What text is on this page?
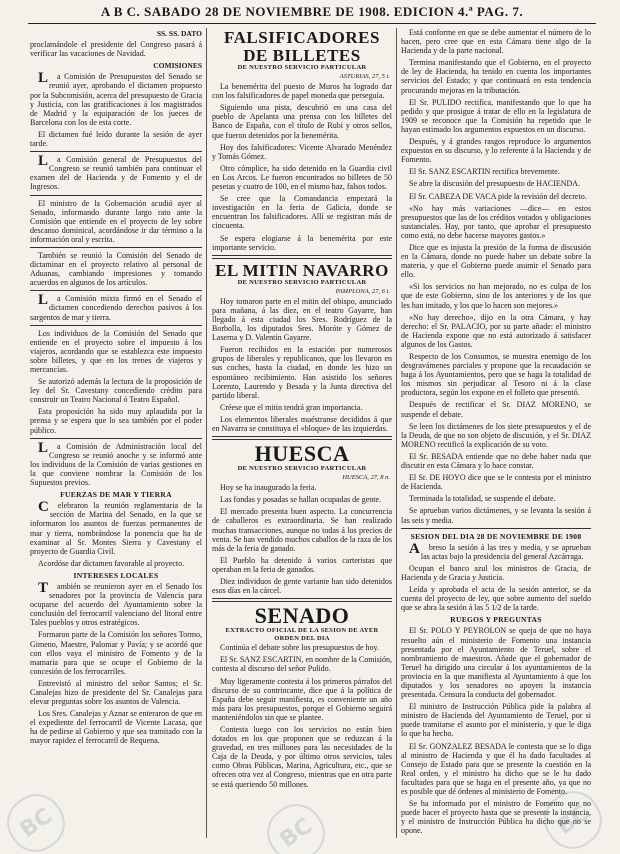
A B C. SABADO 28 DE NOVIEMBRE DE 1908. EDICION 4.ª PAG. 7.
SS. SS. DATO

proclamándole el presidente del Congreso pasará á verificar las vacaciones de Navidad.

COMISIONES

La Comisión de Presupuestos del Senado se reunió ayer, aprobando el dictamen propuesto por la Subcomisión, acerca del presupuesto de Gracia y Justicia, con las gratificaciones á los magistrados de Madrid y la equiparación de los jueces de Barcelona con los de esta corte.

El dictamen fué leído durante la sesión de ayer tarde.

La Comisión general de Presupuestos del Congreso se reunió también para continuar el examen del de Hacienda y de Fomento y el de Ingresos.

El ministro de la Gobernación acudió ayer al Senado, informando durante largo rato ante la Comisión que entiende en el proyecto de ley sobre descanso dominical, acordándose ir dar término a la información oral y escrita.

También se reunió la Comisión del Senado de dictaminar en el proyecto relativo al personal de Aduanas, cambiando impresiones y tomando acuerdos en algunos de los artículos.

La Comisión mixta firmó en el Senado el dictamen concediendo derechos pasivos á los sargentos de mar y tierra.

Los individuos de la Comisión del Senado que entiende en el proyecto sobre el impuesto á los viajeros, acordando que se establezca este impuesto sobre billetes, y que en los trenes de viajeros y mercancías.

Se autorizó además la lectura de la proposición de ley del Sr. Cavestany concediendo crédito para construir un Teatro Nacional ó Teatro Español.

Esta proposición ha sido muy aplaudida por la prensa y se espera que lo sea también por el poder público.

La Comisión de Administración local del Congreso se reunió anoche y se informó ante los individuos de la Comisión de varias gestiones en la que conviene nombrar la Comisión de los Supuestos previos.

FUERZAS DE MAR Y TIERRA

Celebraron la reunión reglamentaria de la sección de Marina del Senado, en la que se informaron los asuntos de fuerzas permanentes de mar y tierra, nombrándose la ponencia que ha de examinar al Sr. Montes Sierra y Cavestany el proyecto de Guardia Civil.

Acordóse dar dictamen favorable al proyecto.

INTERESES LOCALES

También se reunieron ayer en el Senado los senadores por la provincia de Valencia para ocuparse del acuerdo del Ayuntamiento sobre la conclusión del ferrocarril valenciano del litoral entre Tales pueblos y otros estratégicos.

Formaron parte de la Comisión los señores Tormo, Gimeno, Maestre, Palomar y Pavía; y se acordó que con ellos vaya el ministro de Fomento y de la mamaria para que se ocupe el Gobierno de la concesión de los ferrocarriles.

Entrevistó al ministro del señor Santos; el Sr. Canalejas hizo de presidente del Sr. Canalejas para elevar preguntas sobre los asuntos de Valencia.

Los Sres. Canalejas y Aznar se enteraron de que en el expediente del ferrocarril de Vicente Lacasa, que ha de pedirse al Gobierno y que sea tramitado con la mayor rapidez el ferrocarril de Requena.

FALSIFICADORES
DE BILLETES
DE NUESTRO SERVICIO PARTICULAR
ASTURIAS, 27, 5 t.

La benemérita del puesto de Muros ha logrado dar con los falsificadores de papel moneda que perseguía.

Siguiendo una pista, descubrió en una casa del pueblo de Apelanta una prensa con los billetes del Banco de España, con el título de Rubi y otros sellos, que fueron detenidos por la benemérita.

Hoy dos falsificadores: Vicente Alvarado Menéndez y Tomás Gómez.

Otro cómplice, ha sido detenido en la Guardia civil en Los Arcos. Le fueron encontrados no billetes de 50 pesetas y cuatro de 100, en el mismo haz, falsos todos.

Se cree que la Comandancia empezará la investigación en la feria de Galicia, donde se encuentran los falsificadores. Allí se registran más de cincuenta.

Se espera elogiarse á la benemérita por este importante servicio.

EL MITIN NAVARRO
DE NUESTRO SERVICIO PARTICULAR
PAMPLONA, 27, 6 t.

Hoy tomaron parte en el mitin del obispo, anunciado para mañana, á las diez, en el teatro Gayarre, han llegado á esta ciudad los Sres. Rodríguez de la Borbolla, los diputados Sres. Moróte y Gómez de Laserna y D. Valentín Gayarre.

Fueron recibidos en la estación por numerosos grupos de liberales y republicanos, que los llevaron en sus coches, hasta la ciudad, en donde les hizo un espontáneo recibimiento. Han asistido los señores Lorenzo, Laurendo y Besada y la Junta directiva del partido liberal.

Créese que el mitin tendrá gran importancia.

Los elementos liberales muéstranse decididos á que en Navarra se constituya el «bloque» de las izquierdas.

HUESCA
DE NUESTRO SERVICIO PARTICULAR
HUESCA, 27, 8 n.

Hoy se ha inaugurado la feria.

Las fondas y posadas se hallan ocupadas de gente.

El mercado presenta buen aspecto. La concurrencia de caballeros es extraordinaria. Se han realizado muchas transacciones, aunque no todas á los precios de venta. Se han vendido muchos caballos de la raza de los más de la feria de ganado.

El Pueblo ha detenido á varios carteristas que operaban en la feria de ganados.

Diez individuos de gente variante han sido detenidos esos días en la cárcel.

SENADO
EXTRACTO OFICIAL DE LA SESION DE AYER
ORDEN DEL DIA

Continúa el debate sobre los presupuestos de hoy.

El Sr. SANZ ESCARTIN, en nombre de la Comisión, contesta al discurso del señor Pulido.

Muy ligeramente contesta á los primeros párrafos del discurso de su contrincante, dice que á la política de España debe seguir manifiesta, es conveniente un año más para los presupuestos, porque el Gobierno seguirá manteniéndolos sin que se plantee.

Contesta luego con los servicios no están bien dotados en los que proponen que se reduzcan á la gravedad, en tres millones para las necesidades de la Caja de la Deuda, y por último otros servicios, tales como Obras Públicas, Marina, Agricultura, etc., que se ofrecen otra vez al Congreso, mientras que en otra parte se está queriendo 50 millones.

Está conforme en que se debe aumentar el número de lo hacen, pero cree que en esta Cámara tiene algo de la Hacienda y de la parte nacional.

Termina manifestando que el Gobierno, en el proyecto de ley de Hacienda, ha tenido en cuenta los importantes servicios del Estado; y que continuará en esta tendencia procurando mejoras en la tributación.

El Sr. PULIDO rectifica, manifestando que lo que ha pedido y que prosigue á tratar de ello en la legislatura de 1909 se reconoce que la Comisión ha repetido que le hayan estimado los argumentos expuestos en un discurso.

Después, y á grandes rasgos reproduce lo argumentos expuestos en su discurso, y lo referente á la Hacienda y de Fomento.

El Sr. SANZ ESCARTIN rectifica brevemente.

Se abre la discusión del presupuesto de HACIENDA.

El Sr. CABEZA DE VACA pide la revisión del decreto.

«No hay más variaciones —dice— en estos presupuestos que las de los créditos votados y obligaciones sustanciales. Hay, por tanto, que aprobar el presupuesto como está, no debe hacerse mayores gastos.»

Dice que es injusta la presión de la forma de discusión en la Cámara, donde no puede haber un debate sobre la materia, y que el Gobierno puede asumir el Senado para ello.

«Si los servicios no han mejorado, no es culpa de los que de este Gobierno, sino de los anteriores y de los que les han imitado, y los que lo hacen son mejores.»

«No hay derecho», dijo en la otra Cámara, y hay derecho: el Sr. PALACIO, por su parte añade: el ministro de Hacienda expone que no está autorizado á satisfacer algunos de los Gastos.

Respecto de los Consumos, se muestra enemigo de los desgravámenes parciales y propone que la recaudación se haga á los Ayuntamientos, pero que se haga la totalidad de los mismos sin perjudicar al Tesoro ni á la clase productora, según los expone en el folleto que presentó.

Después de rectificar el Sr. DIAZ MORENO, se suspende el debate.

Se leen los dictámenes de los siete presupuestos y el de la Deuda, de que no son objeto de discusión, y el Sr. DIAZ MORENO rectificó la explicación de su voto.

El Sr. BESADA entiende que no debe haber nada que discutir en esta Cámara y lo hace constar.

El Sr. DE HOYO dice que se le contesta por el ministro de Hacienda.

Terminada la totalidad, se suspende el debate.

Se aprueban varios dictámenes, y se levanta la sesión á las seis y media.

SESION DEL DIA 28 DE NOVIEMBRE DE 1908

Abreso la sesión á las tres y media, y se aprueban las actas bajo la presidencia del general Azcárraga.

Ocupan el banco azul los ministros de Gracia, de Hacienda y de Gracia y Justicia.

Leída y aprobada el acta de la sesión anterior, se da cuenta del proyecto de ley, que sobre aumento del sueldo que se abra la sesión á las 5 1/2 de la tarde.

RUEGOS Y PREGUNTAS

El Sr. POLO Y PEYROLON se queja de que no haya resuelto aún el ministerio de Fomento una instancia presentada por el Ayuntamiento de Teruel, sobre el nombramiento de maestros. Añade que el gobernador de Teruel ha dirigido una circular á los ayuntamientos de la provincia en la que manifiesta al Ayuntamiento á que los diputados y los senadores no apoyen la instancia presentada. Censura la conducta del gobernador.

El ministro de Instrucción Pública pide la palabra al ministro de Hacienda del Ayuntamiento de Teruel, por si puede tramitarse el asunto por el ministerio, y que le diga lo que ha hecho.

El Sr. GONZALEZ BESADA le contesta que se lo diga al ministro de Hacienda y que él ha dado facultades al Consejo de Estado para que se presente la cuestión en la Real orden, y el ministro ha dicho que se le ha dado facultades para que se haga en el presente año, ya que no es posible que dé órdenes al ministerio de Fomento.

Se ha informado por el ministro de Fomento que no puede hacer el proyecto hasta que se presente la instancia, y el ministro de Instrucción Pública ha dicho que no se opone.

BC	BC	BC
